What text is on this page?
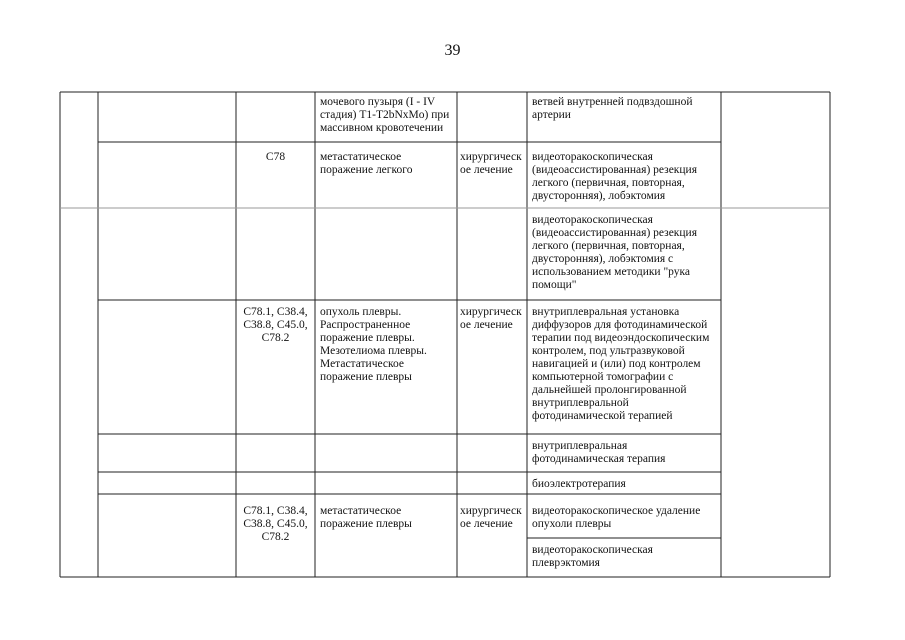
39
мочевого пузыря (I - IV
стадия) T1-T2bNxMo) при
массивном кровотечении
ветвей внутренней подвздошной
артерии
C78	метастатическое
поражение легкого
хирургическ
ое лечение
видеоторакоскопическая
(видеоассистированная) резекция
легкого (первичная, повторная,
двусторонняя), лобэктомия
видеоторакоскопическая
(видеоассистированная) резекция
легкого (первичная, повторная,
двусторонняя), лобэктомия с
использованием методики "рука
помощи"
C78.1, C38.4,
C38.8, C45.0,
C78.2
опухоль плевры.
Распространенное
поражение плевры.
Мезотелиома плевры.
Метастатическое
поражение плевры
хирургическ
ое лечение
внутриплевральная установка
диффузоров для фотодинамической
терапии под видеоэндоскопическим
контролем, под ультразвуковой
навигацией и (или) под контролем
компьютерной томографии с
дальнейшей пролонгированной
внутриплевральной
фотодинамической терапией
внутриплевральная
фотодинамическая терапия
биоэлектротерапия
C78.1, C38.4,
C38.8, C45.0,
C78.2
метастатическое
поражение плевры
хирургическ
ое лечение
видеоторакоскопическое удаление
опухоли плевры
видеоторакоскопическая
плеврэктомия
